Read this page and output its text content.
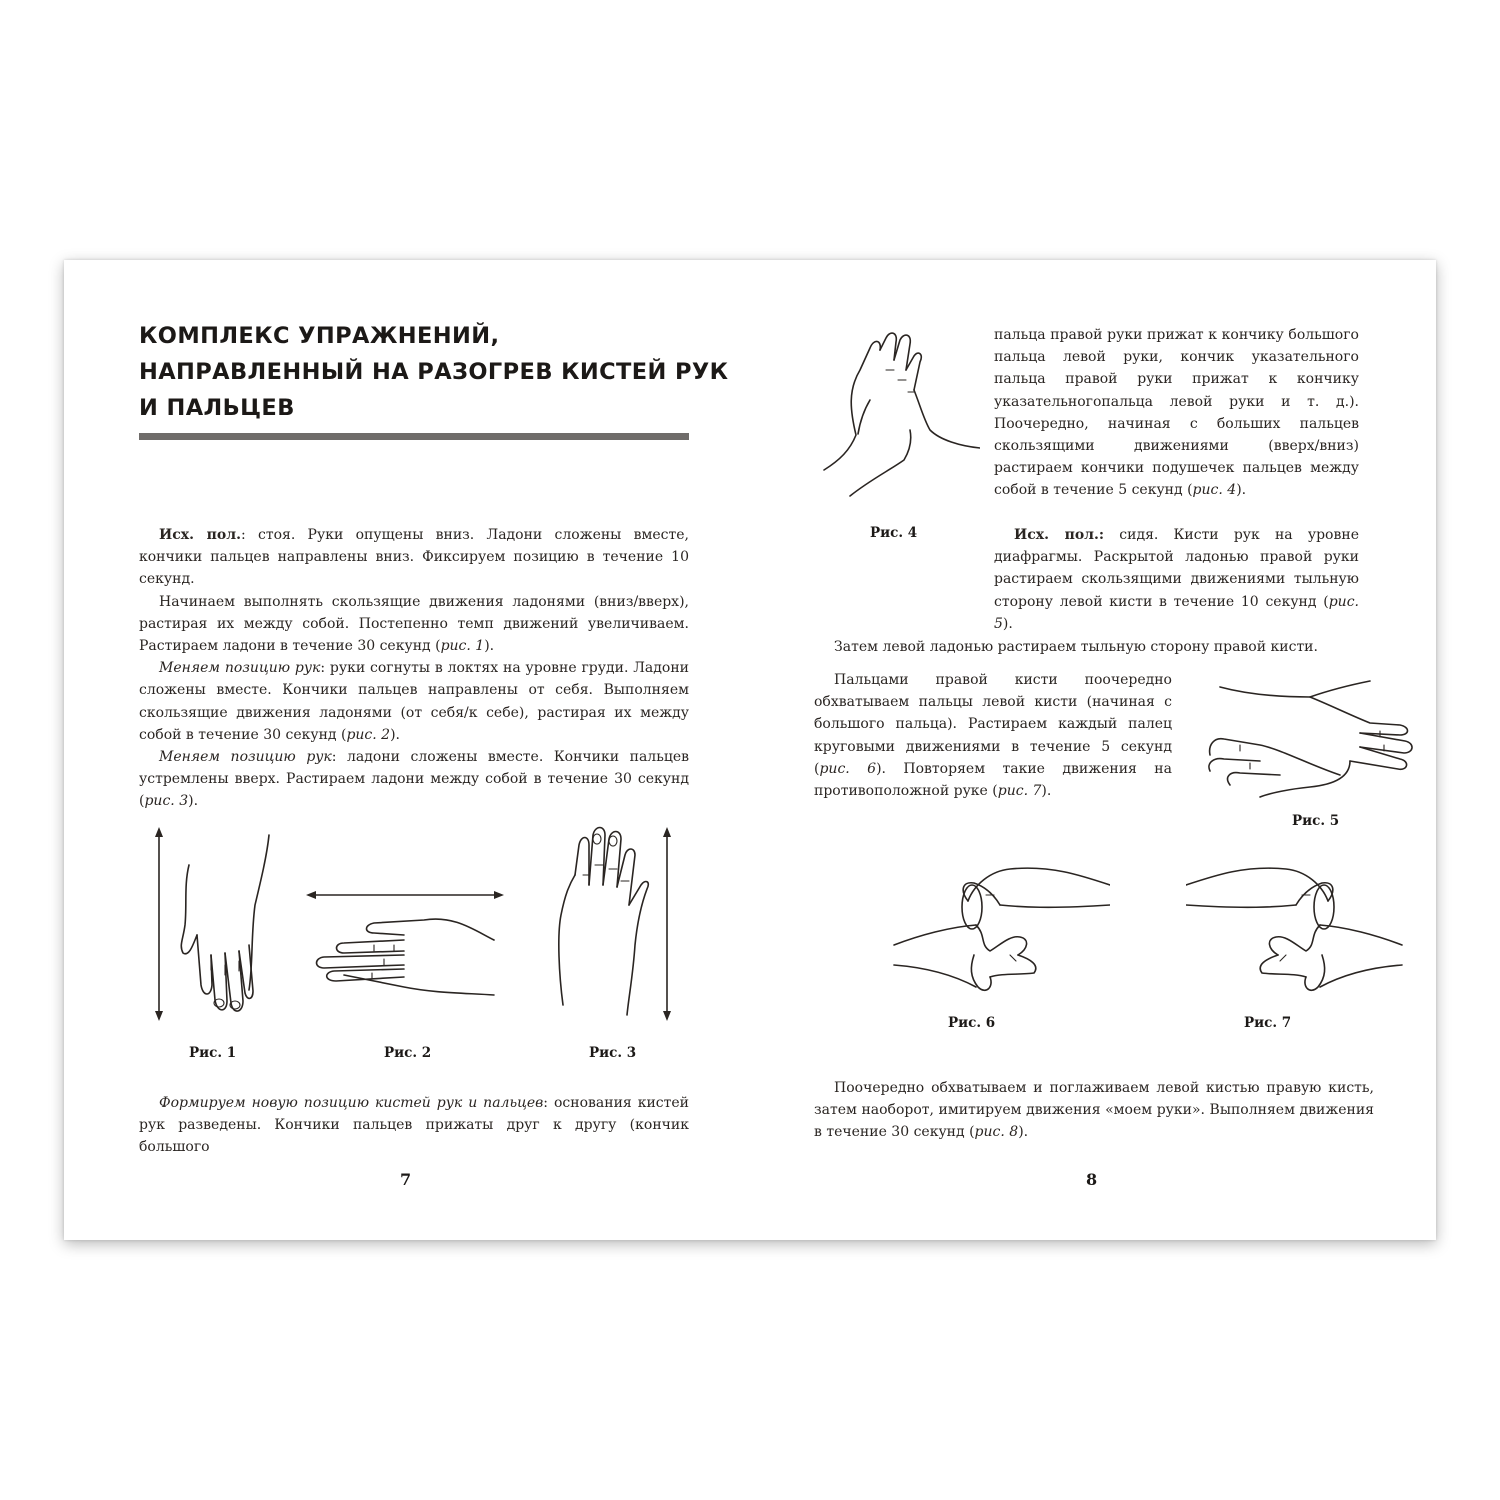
КОМПЛЕКС УПРАЖНЕНИЙ,
НАПРАВЛЕННЫЙ НА РАЗОГРЕВ КИСТЕЙ РУК
И ПАЛЬЦЕВ

Исх. пол.: стоя. Руки опущены вниз. Ладони сложены вместе, кончики пальцев направлены вниз. Фиксируем позицию в течение 10 секунд.

Начинаем выполнять скользящие движения ладонями (вниз/вверх), растирая их между собой. Постепенно темп движений увеличиваем. Растираем ладони в течение 30 секунд (рис. 1).

Меняем позицию рук: руки согнуты в локтях на уровне груди. Ладони сложены вместе. Кончики пальцев направлены от себя. Выполняем скользящие движения ладонями (от себя/к себе), растирая их между собой в течение 30 секунд (рис. 2).

Меняем позицию рук: ладони сложены вместе. Кончики пальцев устремлены вверх. Растираем ладони между собой в течение 30 секунд (рис. 3).

Рис. 1	Рис. 2	Рис. 3

Формируем новую позицию кистей рук и пальцев: основания кистей рук разведены. Кончики пальцев прижаты друг к другу (кончик большого

7
Рис. 4

пальца правой руки прижат к кончику большого пальца левой руки, кончик указательного пальца правой руки прижат к кончику указательногопальца левой руки и т. д.). Поочередно, начиная с больших пальцев скользящими движениями (вверх/вниз) растираем кончики подушечек пальцев между собой в течение 5 секунд (рис. 4).

Исх. пол.: сидя. Кисти рук на уровне диафрагмы. Раскрытой ладонью правой руки растираем скользящими движениями тыльную сторону левой кисти в течение 10 секунд (рис. 5).

Затем левой ладонью растираем тыльную сторону правой кисти.

Пальцами правой кисти поочередно обхватываем пальцы левой кисти (начиная с большого пальца). Растираем каждый палец круговыми движениями в течение 5 секунд (рис. 6). Повторяем такие движения на противоположной руке (рис. 7).

Рис. 5
Рис. 6	Рис. 7

Поочередно обхватываем и поглаживаем левой кистью правую кисть, затем наоборот, имитируем движения «моем руки». Выполняем движения в течение 30 секунд (рис. 8).

8
